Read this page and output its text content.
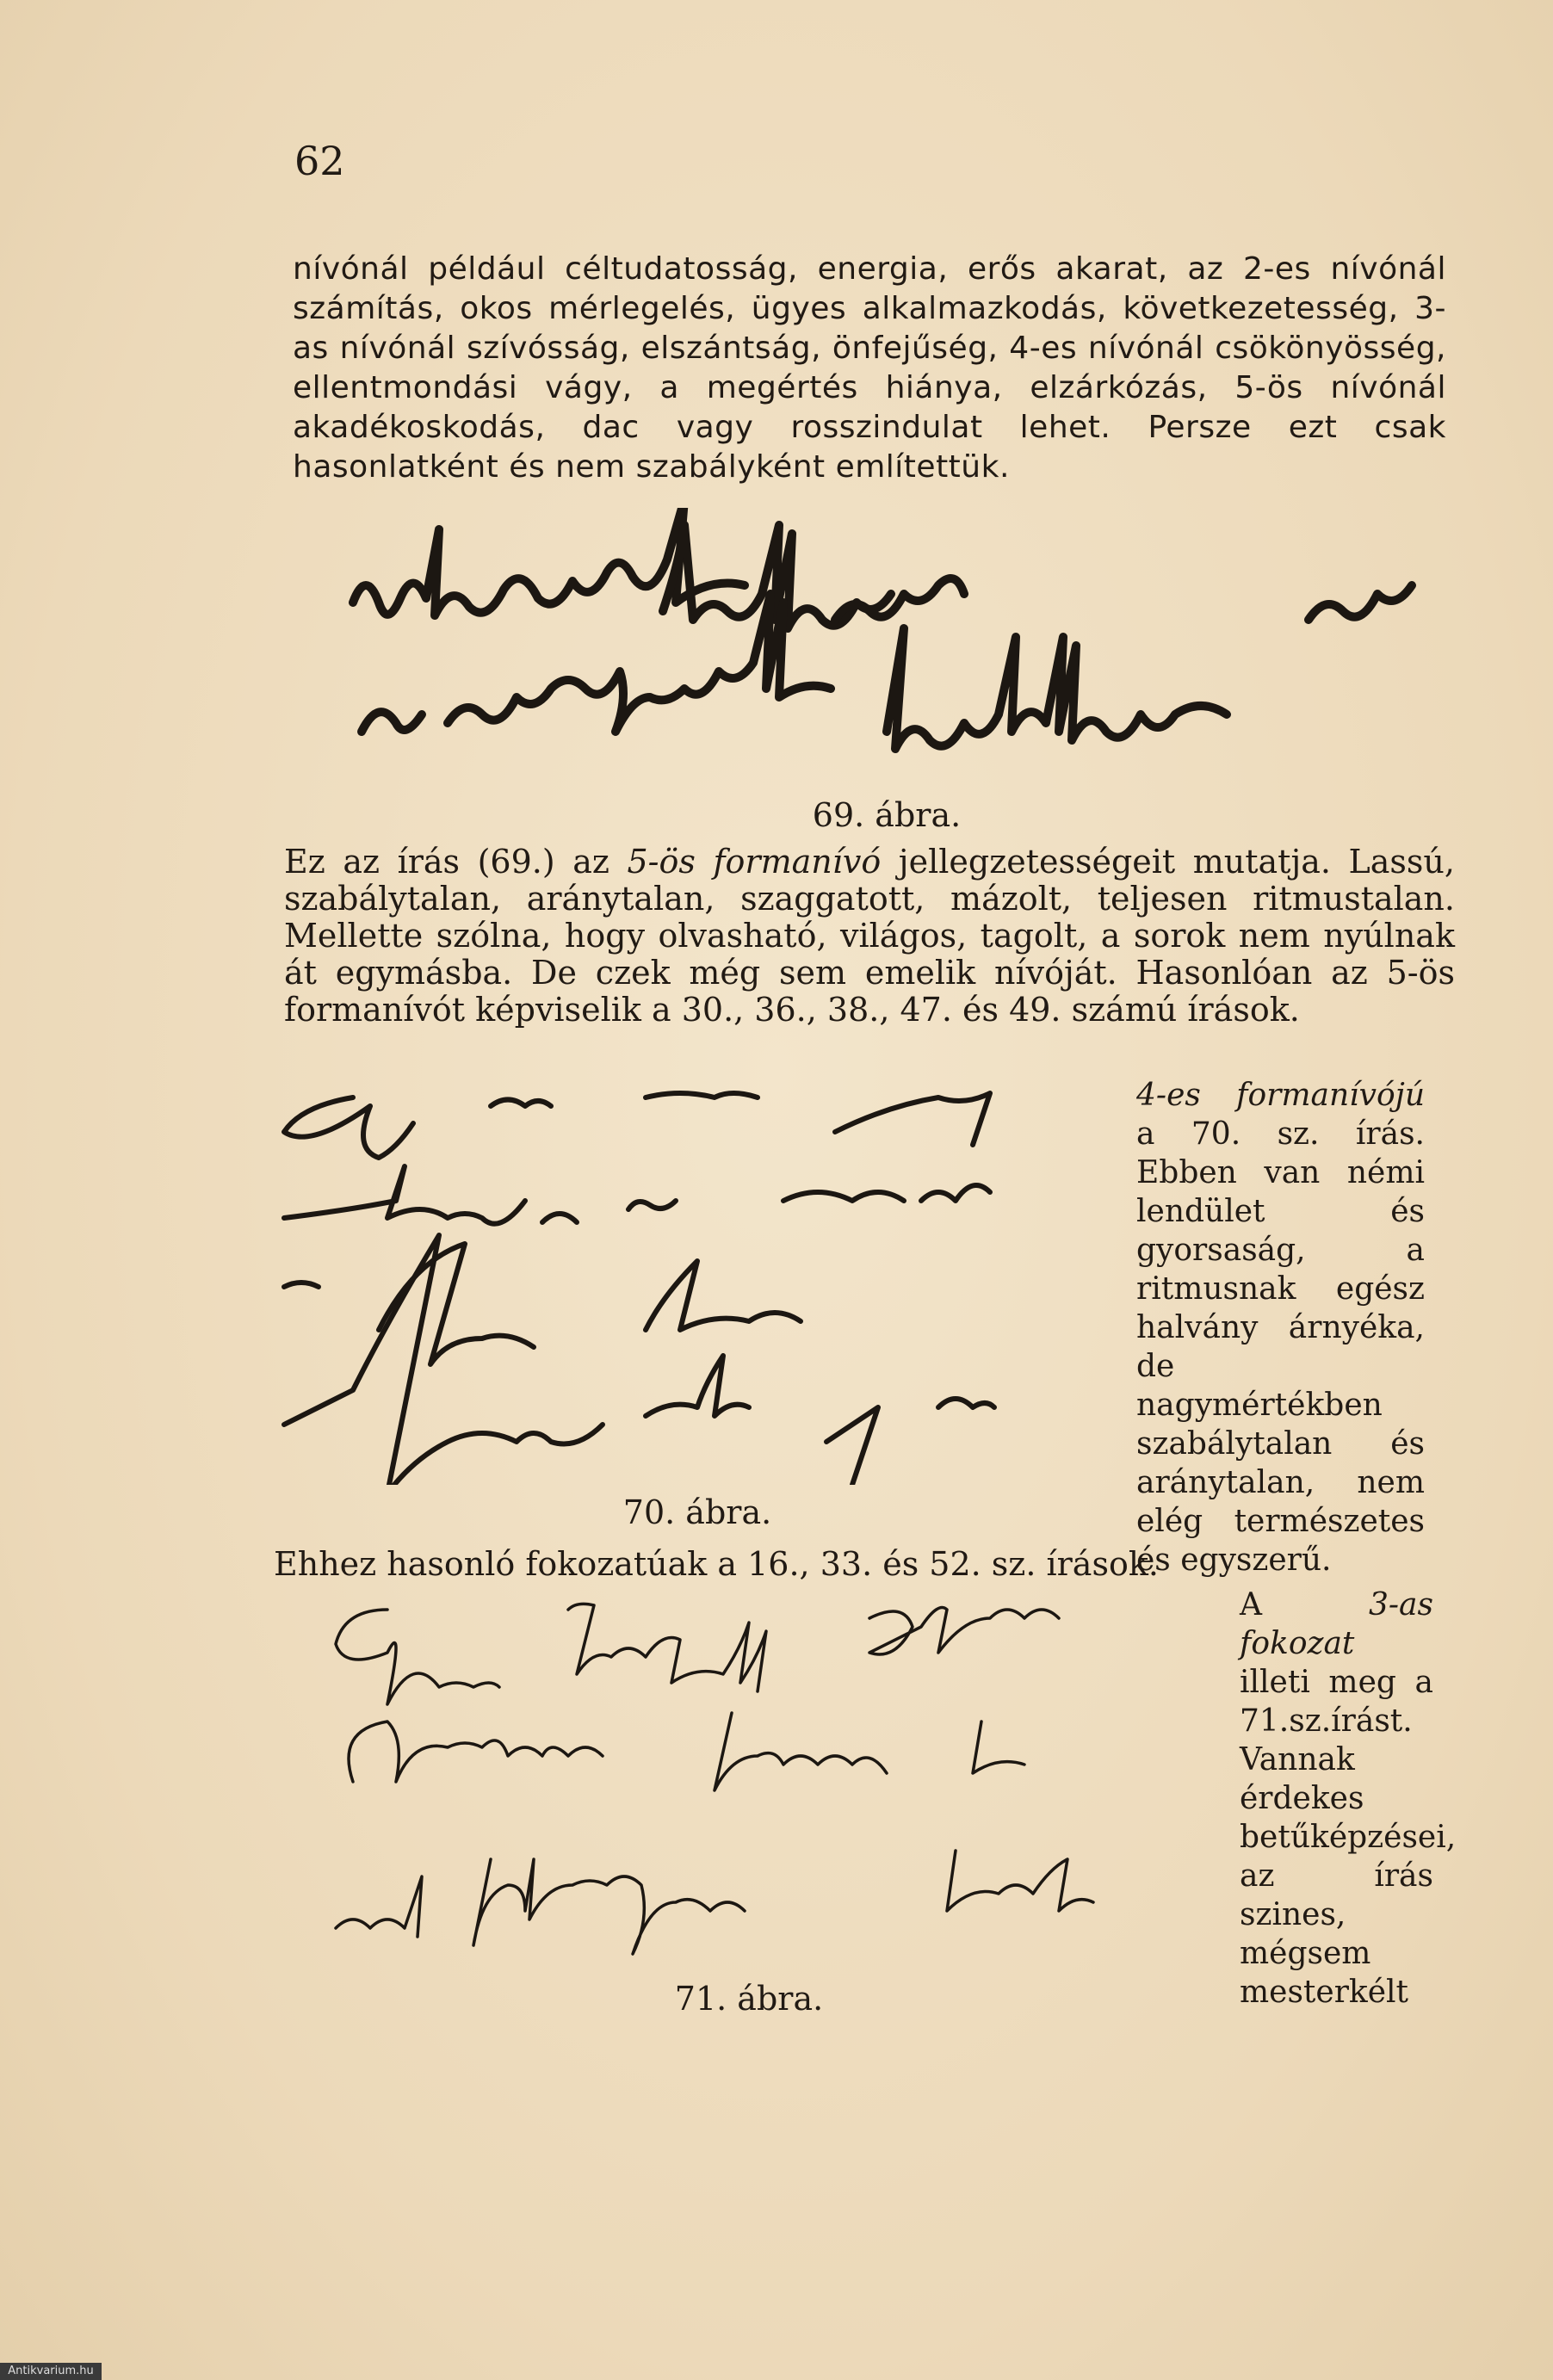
62
nívónál például céltudatosság, energia, erős akarat, az 2-es nívónál számítás, okos mérlegelés, ügyes alkalmazkodás, következetesség, 3-as nívónál szívósság, elszántság, önfejűség, 4-es nívónál csökönyösség, ellentmondási vágy, a megértés hiánya, elzárkózás, 5-ös nívónál akadékoskodás, dac vagy rosszindulat lehet. Persze ezt csak hasonlatként és nem szabályként említettük.
69. ábra.
Ez az írás (69.) az 5-ös formanívó jellegzetességeit mutatja. Lassú, szabálytalan, aránytalan, szaggatott, mázolt, teljesen ritmustalan. Mellette szólna, hogy olvasható, világos, tagolt, a sorok nem nyúlnak át egymásba. De czek még sem emelik nívóját. Hasonlóan az 5-ös formanívót képviselik a 30., 36., 38., 47. és 49. számú írások.
70. ábra.
4-es formanívójú a 70. sz. írás. Ebben van némi lendület és gyorsaság, a ritmusnak egész halvány árnyéka, de nagymértékben szabálytalan és aránytalan, nem elég természetes és egyszerű.
Ehhez hasonló fokozatúak a 16., 33. és 52. sz. írások.
71. ábra.
A 3-as fokozat illeti meg a 71.sz.írást. Vannak érdekes betűképzései, az írás szines, mégsem mesterkélt
Antikvarium.hu
